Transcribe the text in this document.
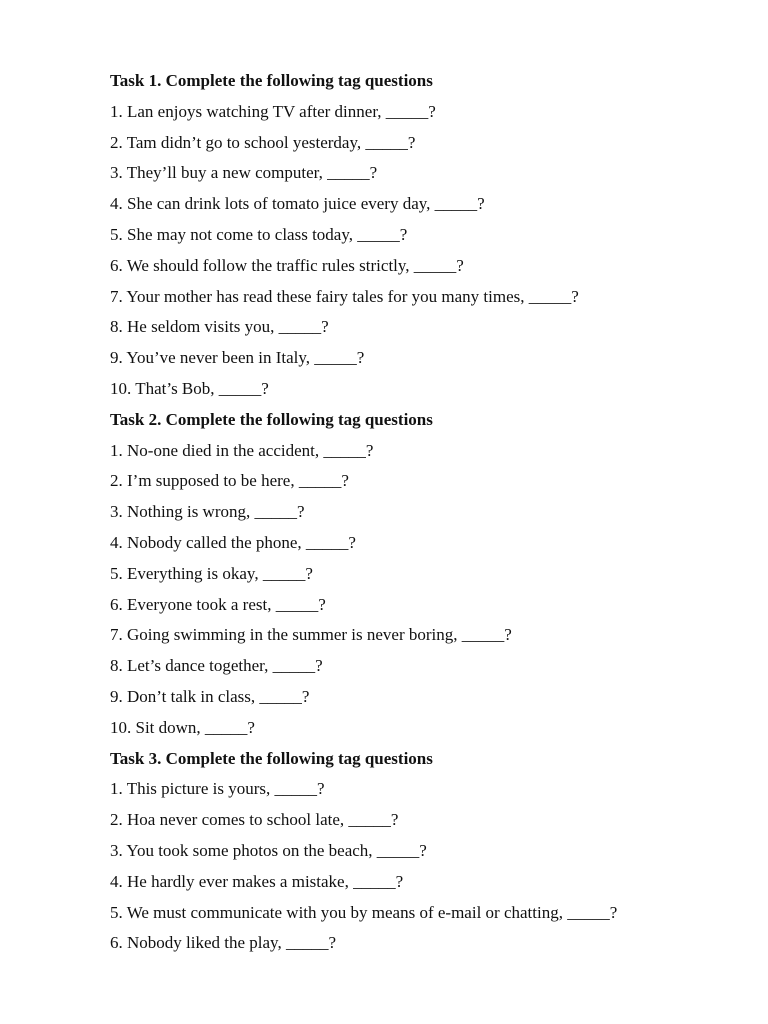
Task 1. Complete the following tag questions

1. Lan enjoys watching TV after dinner, _____?

2. Tam didn’t go to school yesterday, _____?

3. They’ll buy a new computer, _____?

4. She can drink lots of tomato juice every day, _____?

5. She may not come to class today, _____?

6. We should follow the traffic rules strictly, _____?

7. Your mother has read these fairy tales for you many times, _____?

8. He seldom visits you, _____?

9. You’ve never been in Italy, _____?

10. That’s Bob, _____?

Task 2. Complete the following tag questions

1. No-one died in the accident, _____?

2. I’m supposed to be here, _____?

3. Nothing is wrong, _____?

4. Nobody called the phone, _____?

5. Everything is okay, _____?

6. Everyone took a rest, _____?

7. Going swimming in the summer is never boring, _____?

8. Let’s dance together, _____?

9. Don’t talk in class, _____?

10. Sit down, _____?

Task 3. Complete the following tag questions

1. This picture is yours, _____?

2. Hoa never comes to school late, _____?

3. You took some photos on the beach, _____?

4. He hardly ever makes a mistake, _____?

5. We must communicate with you by means of e-mail or chatting, _____?

6. Nobody liked the play, _____?
